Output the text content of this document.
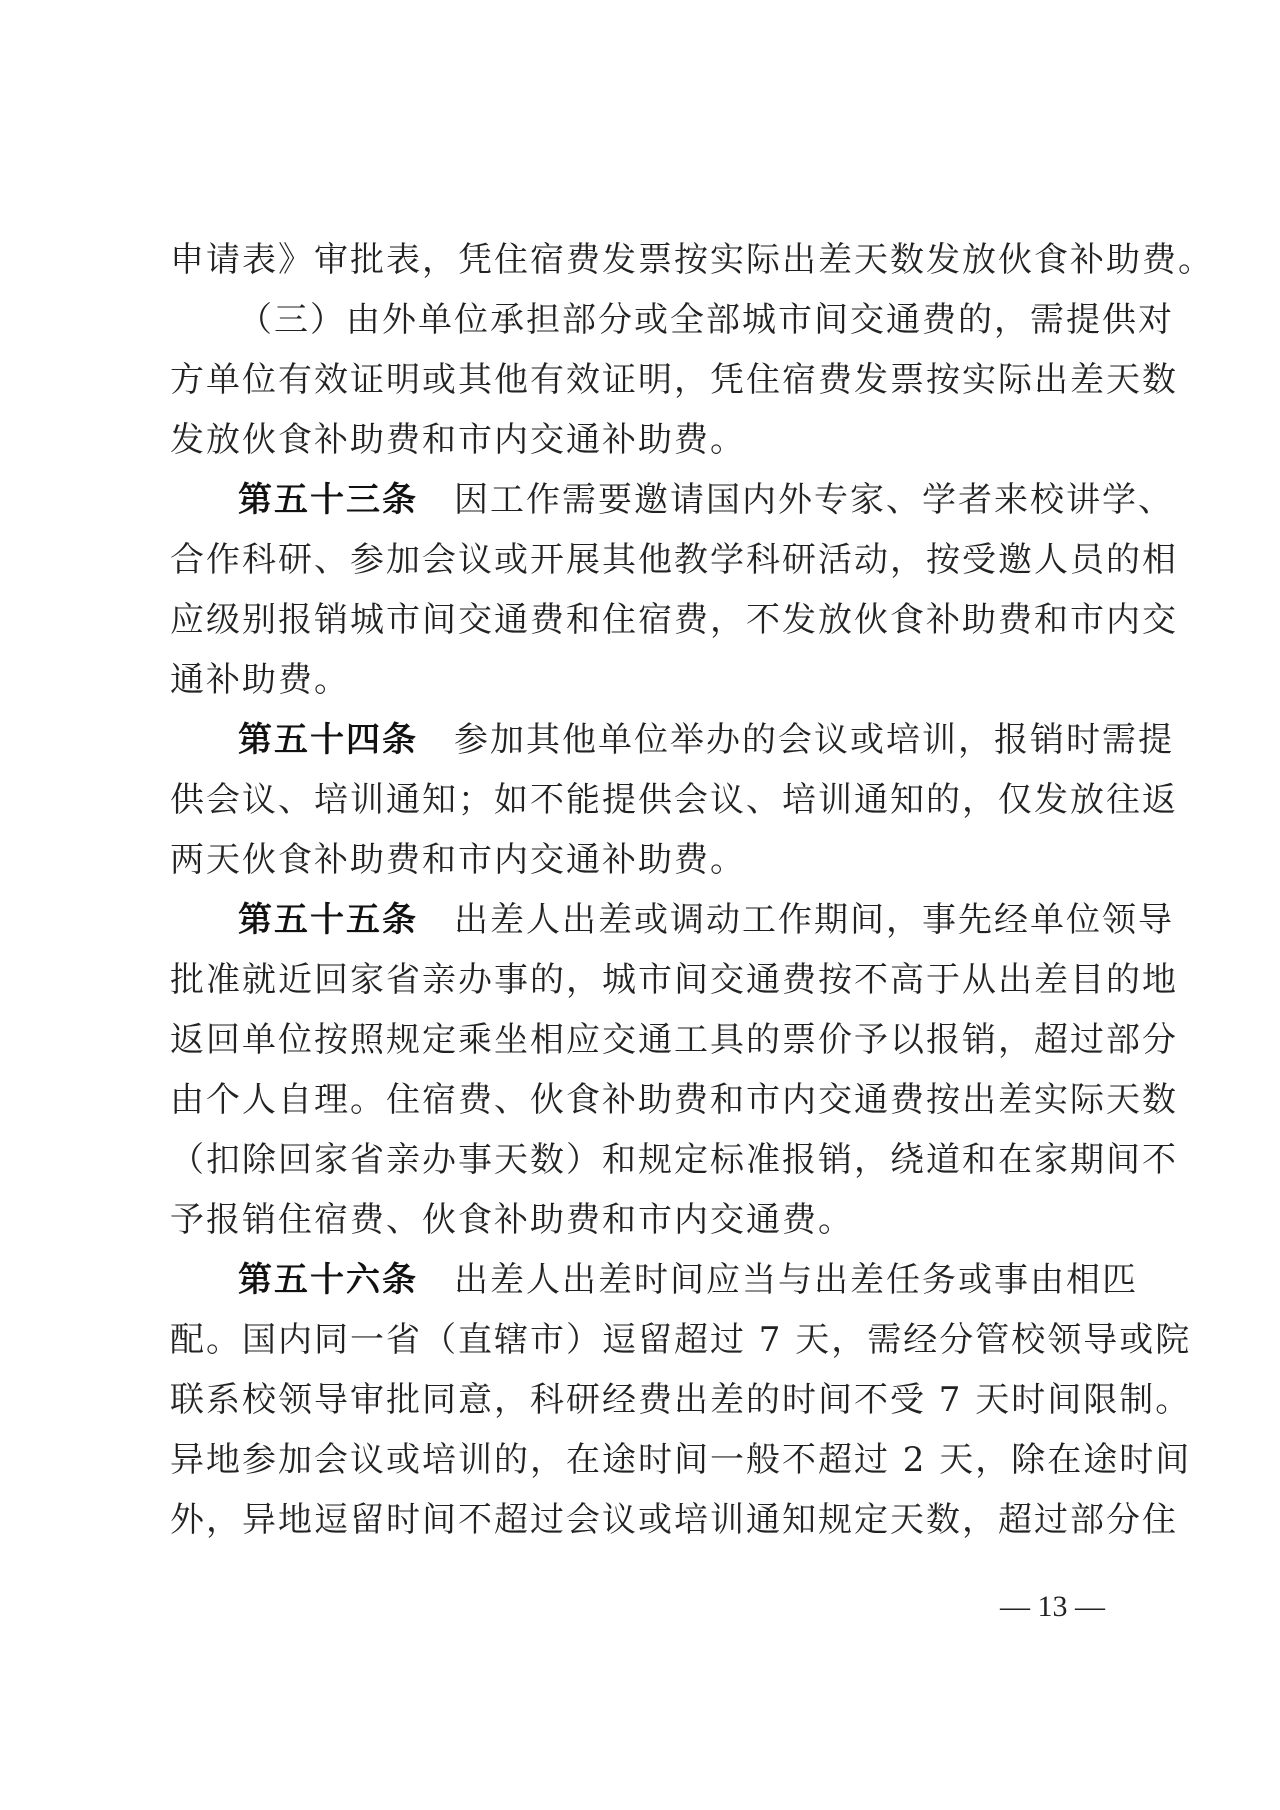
申请表》审批表，凭住宿费发票按实际出差天数发放伙食补助费。
（三）由外单位承担部分或全部城市间交通费的，需提供对
方单位有效证明或其他有效证明，凭住宿费发票按实际出差天数
发放伙食补助费和市内交通补助费。
第五十三条 因工作需要邀请国内外专家、学者来校讲学、
合作科研、参加会议或开展其他教学科研活动，按受邀人员的相
应级别报销城市间交通费和住宿费，不发放伙食补助费和市内交
通补助费。
第五十四条 参加其他单位举办的会议或培训，报销时需提
供会议、培训通知；如不能提供会议、培训通知的，仅发放往返
两天伙食补助费和市内交通补助费。
第五十五条 出差人出差或调动工作期间，事先经单位领导
批准就近回家省亲办事的，城市间交通费按不高于从出差目的地
返回单位按照规定乘坐相应交通工具的票价予以报销，超过部分
由个人自理。住宿费、伙食补助费和市内交通费按出差实际天数
（扣除回家省亲办事天数）和规定标准报销，绕道和在家期间不
予报销住宿费、伙食补助费和市内交通费。
第五十六条 出差人出差时间应当与出差任务或事由相匹
配。国内同一省（直辖市）逗留超过 7 天，需经分管校领导或院
联系校领导审批同意，科研经费出差的时间不受 7 天时间限制。
异地参加会议或培训的，在途时间一般不超过 2 天，除在途时间
外，异地逗留时间不超过会议或培训通知规定天数，超过部分住
— 13 —
